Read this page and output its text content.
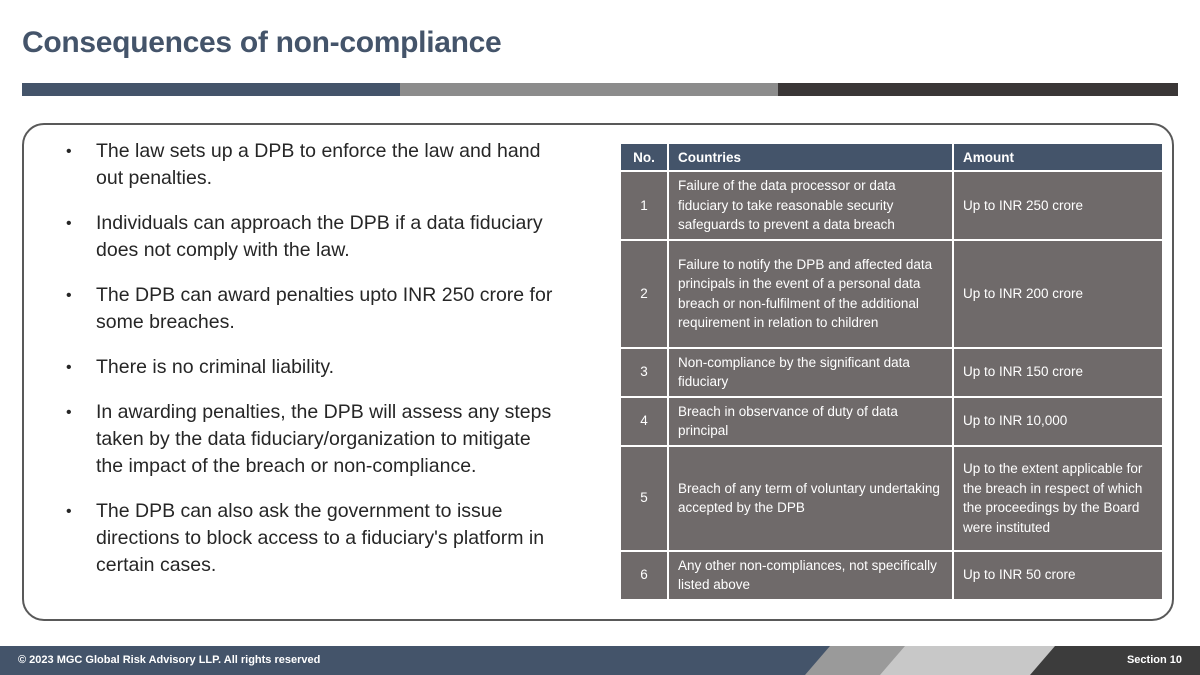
Consequences of non-compliance
• The law sets up a DPB to enforce the law and hand out penalties.
• Individuals can approach the DPB if a data fiduciary does not comply with the law.
• The DPB can award penalties upto INR 250 crore for some breaches.
• There is no criminal liability.
• In awarding penalties, the DPB will assess any steps taken by the data fiduciary/organization to mitigate the impact of the breach or non-compliance.
• The DPB can also ask the government to issue directions to block access to a fiduciary's platform in certain cases.
No.	Countries	Amount
1	Failure of the data processor or data fiduciary to take reasonable security safeguards to prevent a data breach	Up to INR 250 crore
2	Failure to notify the DPB and affected data principals in the event of a personal data breach or non-fulfilment of the additional requirement in relation to children	Up to INR 200 crore
3	Non-compliance by the significant data fiduciary	Up to INR 150 crore
4	Breach in observance of duty of data principal	Up to INR 10,000
5	Breach of any term of voluntary undertaking accepted by the DPB	Up to the extent applicable for the breach in respect of which the proceedings by the Board were instituted
6	Any other non-compliances, not specifically listed above	Up to INR 50 crore
© 2023 MGC Global Risk Advisory LLP. All rights reserved	Section 10
